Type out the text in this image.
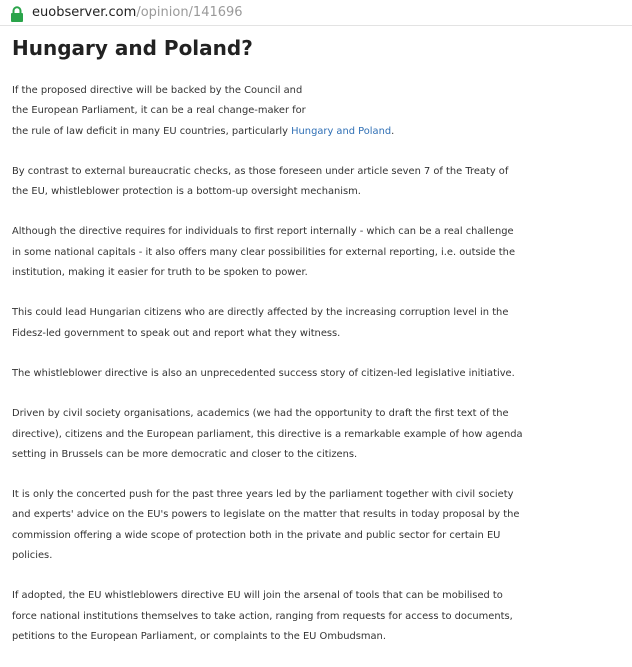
euobserver.com/opinion/141696
Hungary and Poland?

If the proposed directive will be backed by the Council and
the European Parliament, it can be a real change-maker for
the rule of law deficit in many EU countries, particularly Hungary and Poland.

By contrast to external bureaucratic checks, as those foreseen under article seven 7 of the Treaty of
the EU, whistleblower protection is a bottom-up oversight mechanism.

Although the directive requires for individuals to first report internally - which can be a real challenge
in some national capitals - it also offers many clear possibilities for external reporting, i.e. outside the
institution, making it easier for truth to be spoken to power.

This could lead Hungarian citizens who are directly affected by the increasing corruption level in the
Fidesz-led government to speak out and report what they witness.

The whistleblower directive is also an unprecedented success story of citizen-led legislative initiative.

Driven by civil society organisations, academics (we had the opportunity to draft the first text of the
directive), citizens and the European parliament, this directive is a remarkable example of how agenda
setting in Brussels can be more democratic and closer to the citizens.

It is only the concerted push for the past three years led by the parliament together with civil society
and experts' advice on the EU's powers to legislate on the matter that results in today proposal by the
commission offering a wide scope of protection both in the private and public sector for certain EU
policies.

If adopted, the EU whistleblowers directive EU will join the arsenal of tools that can be mobilised to
force national institutions themselves to take action, ranging from requests for access to documents,
petitions to the European Parliament, or complaints to the EU Ombudsman.
